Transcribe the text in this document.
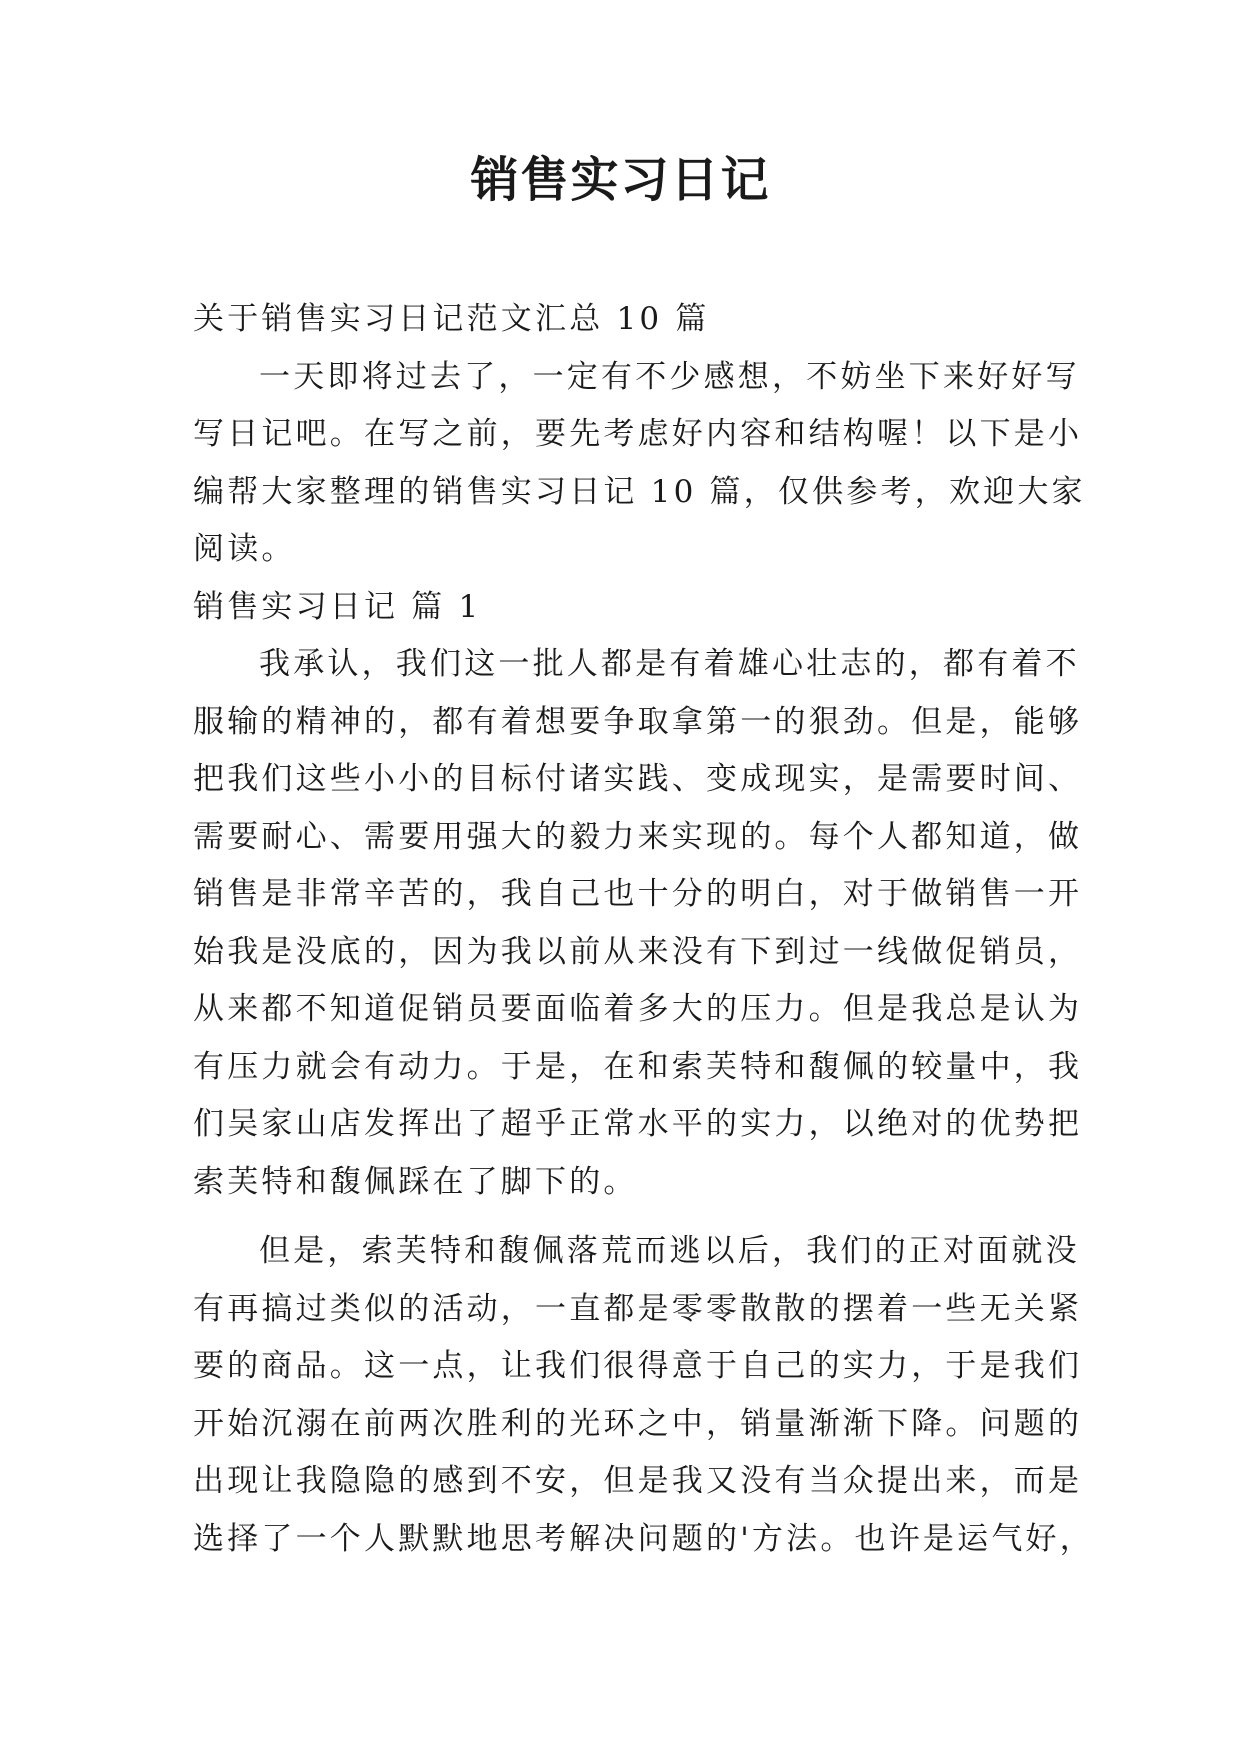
销售实习日记

关于销售实习日记范文汇总 10 篇

一天即将过去了，一定有不少感想，不妨坐下来好好写

写日记吧。在写之前，要先考虑好内容和结构喔！以下是小

编帮大家整理的销售实习日记 10 篇，仅供参考，欢迎大家

阅读。

销售实习日记 篇 1

我承认，我们这一批人都是有着雄心壮志的，都有着不

服输的精神的，都有着想要争取拿第一的狠劲。但是，能够

把我们这些小小的目标付诸实践、变成现实，是需要时间、

需要耐心、需要用强大的毅力来实现的。每个人都知道，做

销售是非常辛苦的，我自己也十分的明白，对于做销售一开

始我是没底的，因为我以前从来没有下到过一线做促销员，

从来都不知道促销员要面临着多大的压力。但是我总是认为

有压力就会有动力。于是，在和索芙特和馥佩的较量中，我

们吴家山店发挥出了超乎正常水平的实力，以绝对的优势把

索芙特和馥佩踩在了脚下的。

但是，索芙特和馥佩落荒而逃以后，我们的正对面就没

有再搞过类似的活动，一直都是零零散散的摆着一些无关紧

要的商品。这一点，让我们很得意于自己的实力，于是我们

开始沉溺在前两次胜利的光环之中，销量渐渐下降。问题的

出现让我隐隐的感到不安，但是我又没有当众提出来，而是

选择了一个人默默地思考解决问题的'方法。也许是运气好，
